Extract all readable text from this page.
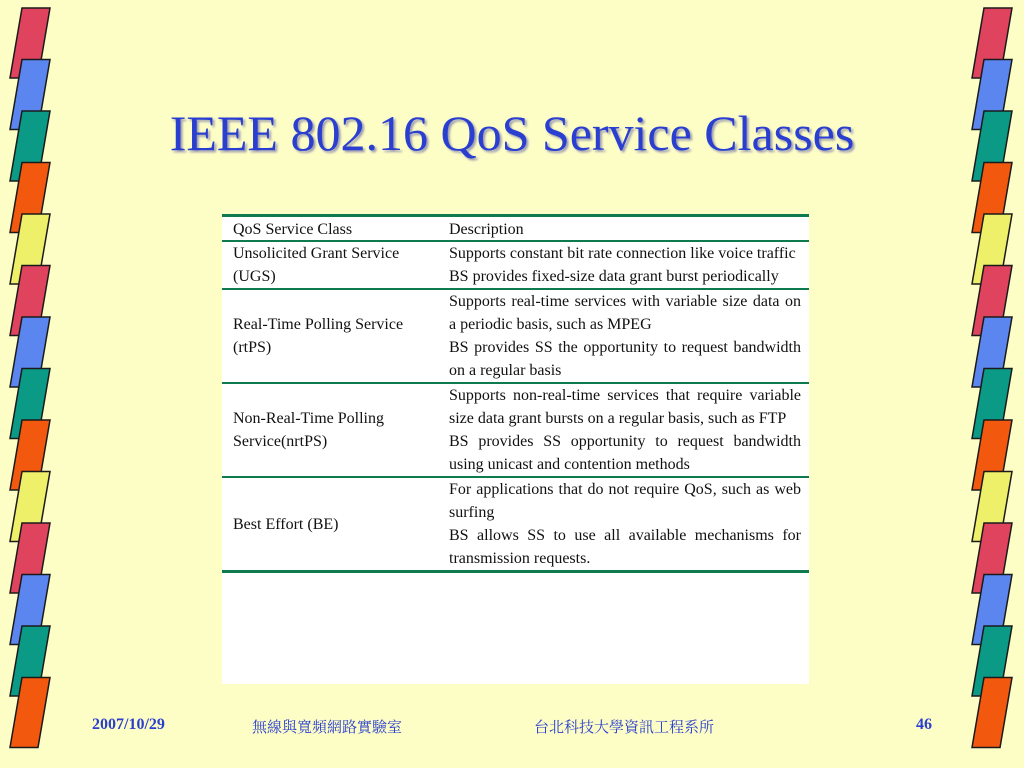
IEEE 802.16 QoS Service Classes
QoS Service Class	Description
Unsolicited Grant Service (UGS)	Supports constant bit rate connection like voice traffic
BS provides fixed-size data grant burst periodically

Real-Time Polling Service (rtPS)	Supports real-time services with variable size data on a periodic basis, such as MPEG
BS provides SS the opportunity to request bandwidth on a regular basis

Non-Real-Time Polling Service(nrtPS)	Supports non-real-time services that require variable size data grant bursts on a regular basis, such as FTP
BS provides SS opportunity to request bandwidth using unicast and contention methods

Best Effort (BE)	For applications that do not require QoS, such as web surfing
BS allows SS to use all available mechanisms for transmission requests.
2007/10/29	無線與寬頻網路實驗室	台北科技大學資訊工程系所	46
